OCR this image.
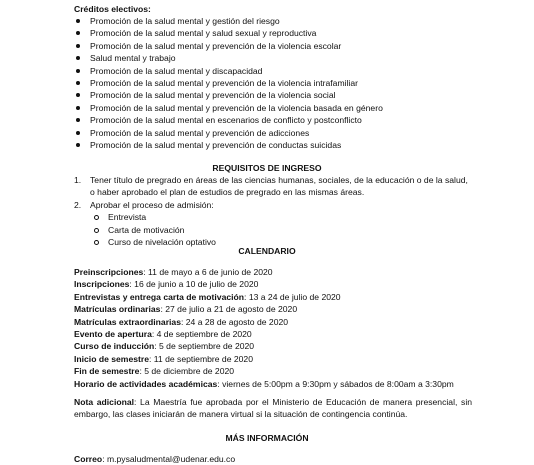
Créditos electivos:
Promoción de la salud mental y gestión del riesgo
Promoción de la salud mental y salud sexual y reproductiva
Promoción de la salud mental y prevención de la violencia escolar
Salud mental y trabajo
Promoción de la salud mental y discapacidad
Promoción de la salud mental y prevención de la violencia intrafamiliar
Promoción de la salud mental y prevención de la violencia social
Promoción de la salud mental y prevención de la violencia basada en género
Promoción de la salud mental en escenarios de conflicto y postconflicto
Promoción de la salud mental y prevención de adicciones
Promoción de la salud mental y prevención de conductas suicidas
REQUISITOS DE INGRESO
1. Tener título de pregrado en áreas de las ciencias humanas, sociales, de la educación o de la salud, o haber aprobado el plan de estudios de pregrado en las mismas áreas.
2. Aprobar el proceso de admisión:
Entrevista
Carta de motivación
Curso de nivelación optativo
CALENDARIO
Preinscripciones: 11 de mayo a 6 de junio de 2020
Inscripciones: 16 de junio a 10 de julio de 2020
Entrevistas y entrega carta de motivación: 13 a 24 de julio de 2020
Matrículas ordinarias: 27 de julio a 21 de agosto de 2020
Matrículas extraordinarias: 24 a 28 de agosto de 2020
Evento de apertura: 4 de septiembre de 2020
Curso de inducción: 5 de septiembre de 2020
Inicio de semestre: 11 de septiembre de 2020
Fin de semestre: 5 de diciembre de 2020
Horario de actividades académicas: viernes de 5:00pm a 9:30pm y sábados de 8:00am a 3:30pm
Nota adicional: La Maestría fue aprobada por el Ministerio de Educación de manera presencial, sin embargo, las clases iniciarán de manera virtual si la situación de contingencia continúa.
MÁS INFORMACIÓN
Correo: m.pysaludmental@udenar.edu.co
